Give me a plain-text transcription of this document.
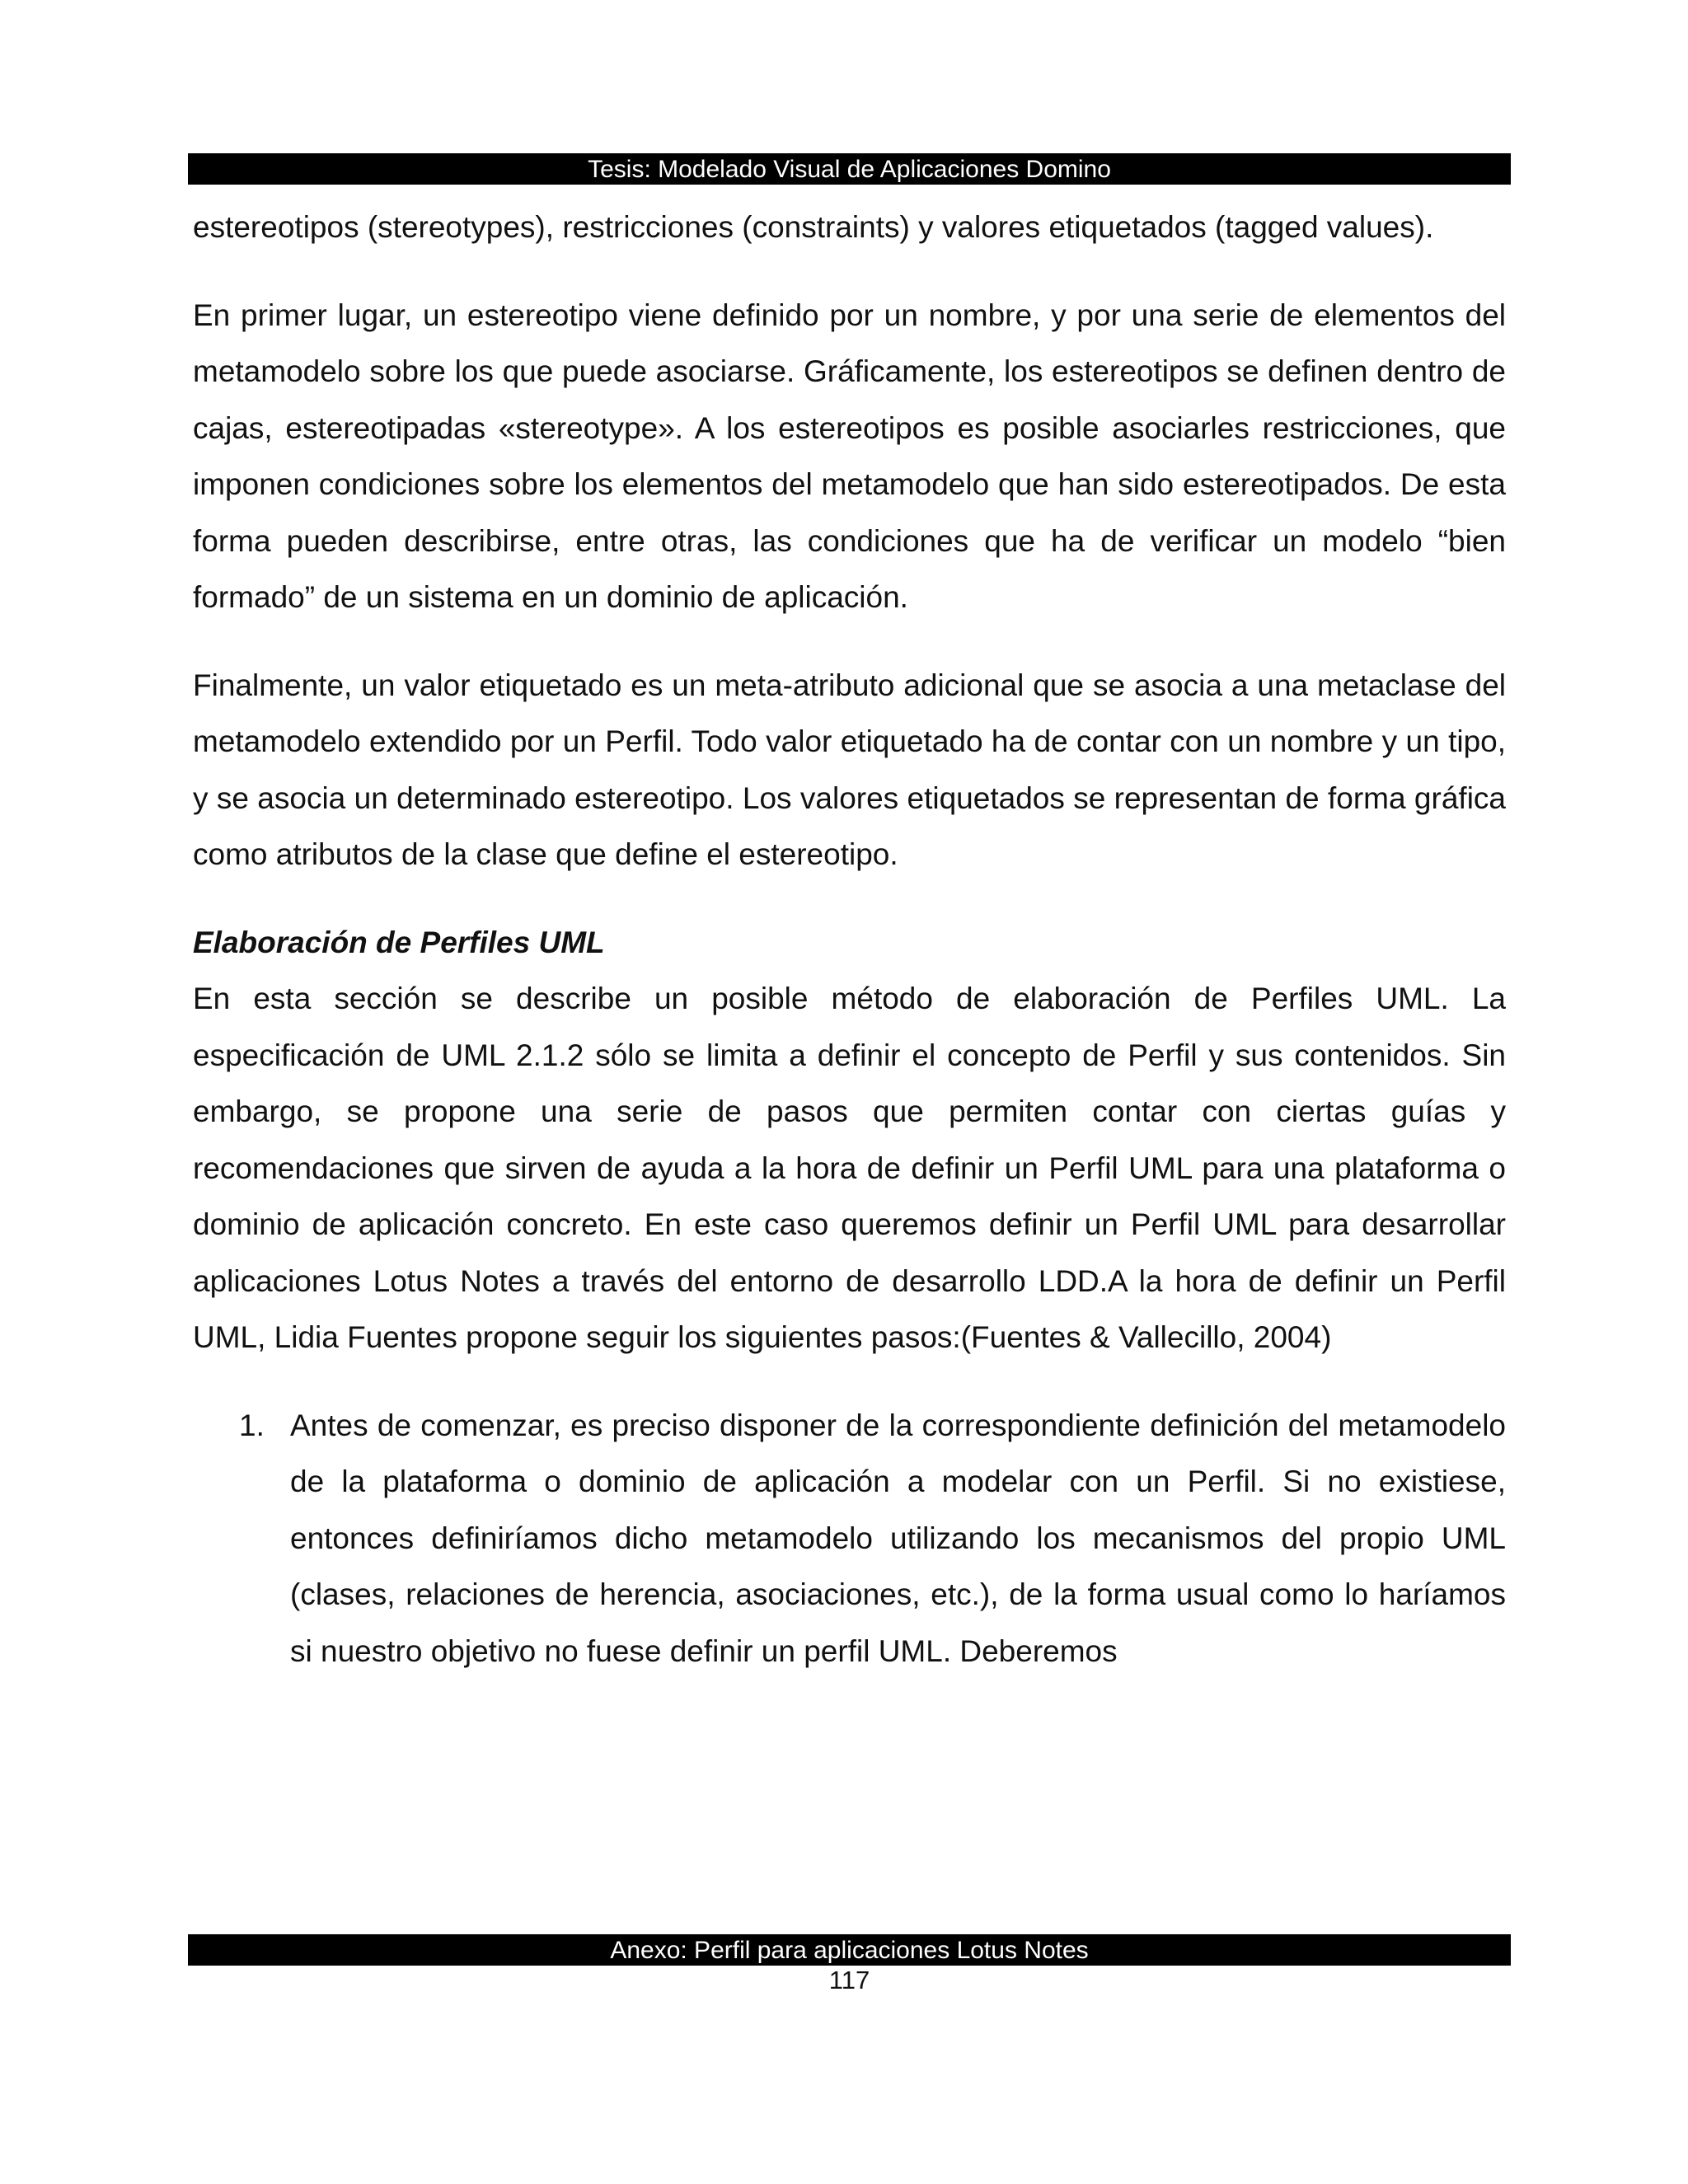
Tesis: Modelado Visual de Aplicaciones Domino

estereotipos (stereotypes), restricciones (constraints) y valores etiquetados (tagged values).

En primer lugar, un estereotipo viene definido por un nombre, y por una serie de elementos del metamodelo sobre los que puede asociarse. Gráficamente, los estereotipos se definen dentro de cajas, estereotipadas «stereotype». A los estereotipos es posible asociarles restricciones, que imponen condiciones sobre los elementos del metamodelo que han sido estereotipados. De esta forma pueden describirse, entre otras, las condiciones que ha de verificar un modelo “bien formado” de un sistema en un dominio de aplicación.

Finalmente, un valor etiquetado es un meta-atributo adicional que se asocia a una metaclase del metamodelo extendido por un Perfil. Todo valor etiquetado ha de contar con un nombre y un tipo, y se asocia un determinado estereotipo. Los valores etiquetados se representan de forma gráfica como atributos de la clase que define el estereotipo.

Elaboración de Perfiles UML

En esta sección se describe un posible método de elaboración de Perfiles UML. La especificación de UML 2.1.2 sólo se limita a definir el concepto de Perfil y sus contenidos. Sin embargo, se propone una serie de pasos que permiten contar con ciertas guías y recomendaciones que sirven de ayuda a la hora de definir un Perfil UML para una plataforma o dominio de aplicación concreto. En este caso queremos definir un Perfil UML para desarrollar aplicaciones Lotus Notes a través del entorno de desarrollo LDD.A la hora de definir un Perfil UML, Lidia Fuentes propone seguir los siguientes pasos:(Fuentes & Vallecillo, 2004)

1. Antes de comenzar, es preciso disponer de la correspondiente definición del metamodelo de la plataforma o dominio de aplicación a modelar con un Perfil. Si no existiese, entonces definiríamos dicho metamodelo utilizando los mecanismos del propio UML (clases, relaciones de herencia, asociaciones, etc.), de la forma usual como lo haríamos si nuestro objetivo no fuese definir un perfil UML. Deberemos

Anexo: Perfil para aplicaciones Lotus Notes
117
